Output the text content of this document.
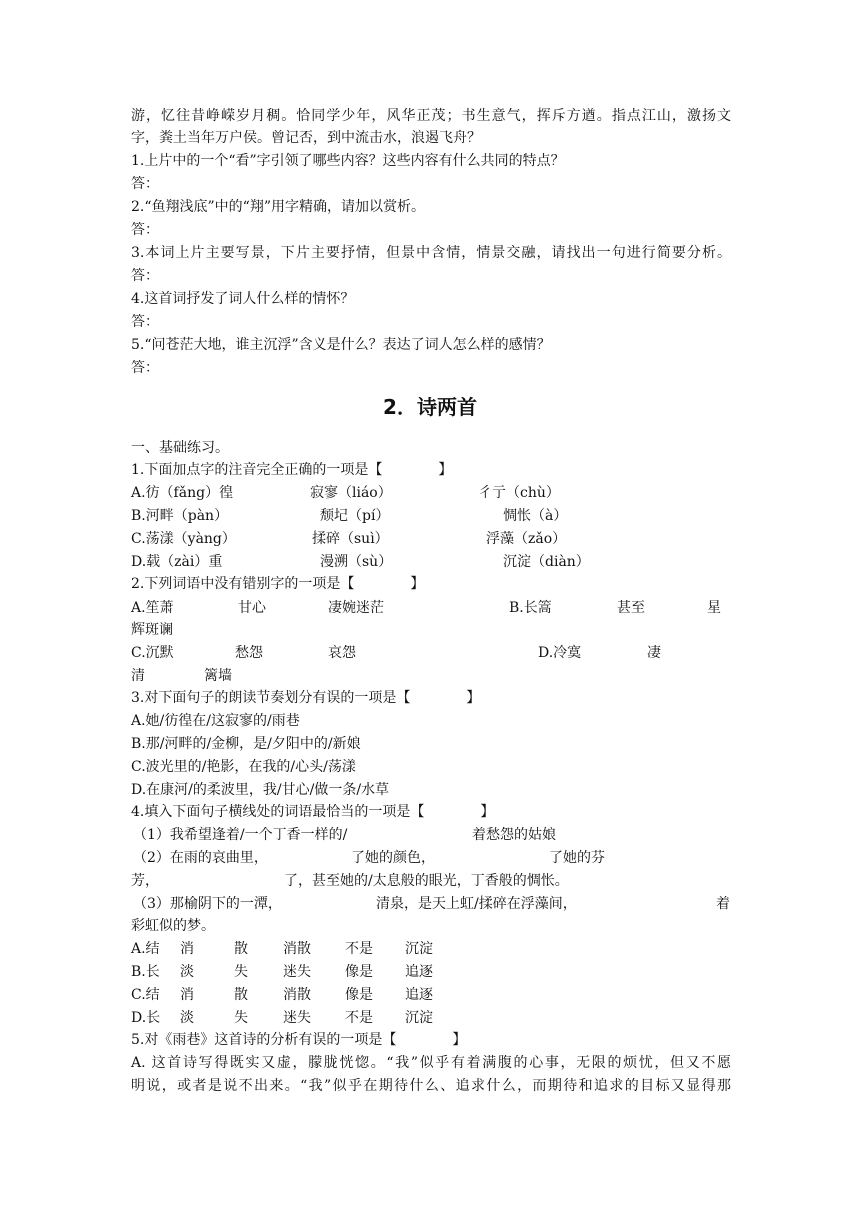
游，忆往昔峥嵘岁月稠。恰同学少年，风华正茂；书生意气，挥斥方遒。指点江山，激扬文

字，粪土当年万户侯。曾记否，到中流击水，浪遏飞舟？

1.上片中的一个“看”字引领了哪些内容？这些内容有什么共同的特点？

答：

2.“鱼翔浅底”中的“翔”用字精确，请加以赏析。

答：

3.本词上片主要写景，下片主要抒情，但景中含情，情景交融，请找出一句进行简要分析。

答：

4.这首词抒发了词人什么样的情怀？

答：

5.“问苍茫大地，谁主沉浮”含义是什么？表达了词人怎么样的感情？

答：

2．诗两首

一、基础练习。

1.下面加点字的注音完全正确的一项是【　　　　】

A.彷（fǎng）徨	寂寥（liáo）	彳亍（chù）
B.河畔（pàn）	颓圮（pí）	惆怅（à）
C.荡漾（yàng）	揉碎（suì）	浮藻（zǎo）
D.载（zài）重	漫溯（sù）	沉淀（diàn）

2.下列词语中没有错别字的一项是【　　　　】

A.笙萧	甘心	凄婉迷茫	B.长篙	甚至	星

辉斑谰

C.沉默	愁怨	哀怨	D.冷寞	凄
清	篱墙

3.对下面句子的朗读节奏划分有误的一项是【　　　　】

A.她/彷徨在/这寂寥的/雨巷

B.那/河畔的/金柳，是/夕阳中的/新娘

C.波光里的/艳影，在我的/心头/荡漾

D.在康河/的柔波里，我/甘心/做一条/水草

4.填入下面句子横线处的词语最恰当的一项是【　　　　】

（1）我希望逢着/一个丁香一样的/	着愁怨的姑娘
（2）在雨的哀曲里，	了她的颜色，	了她的芬
芳，	了，甚至她的/太息般的眼光，丁香般的惆怅。
（3）那榆阴下的一潭，	清泉，是天上虹/揉碎在浮藻间，	着

彩虹似的梦。

A.结 消	散	消散 不是 沉淀
B.长 淡	失	迷失 像是 追逐
C.结 消	散	消散 像是 追逐
D.长 淡	失	迷失 不是 沉淀

5.对《雨巷》这首诗的分析有误的一项是【　　　　】

A. 这首诗写得既实又虚，朦胧恍惚。“我”似乎有着满腹的心事，无限的烦忧，但又不愿

明说，或者是说不出来。“我”似乎在期待什么、追求什么，而期待和追求的目标又显得那
